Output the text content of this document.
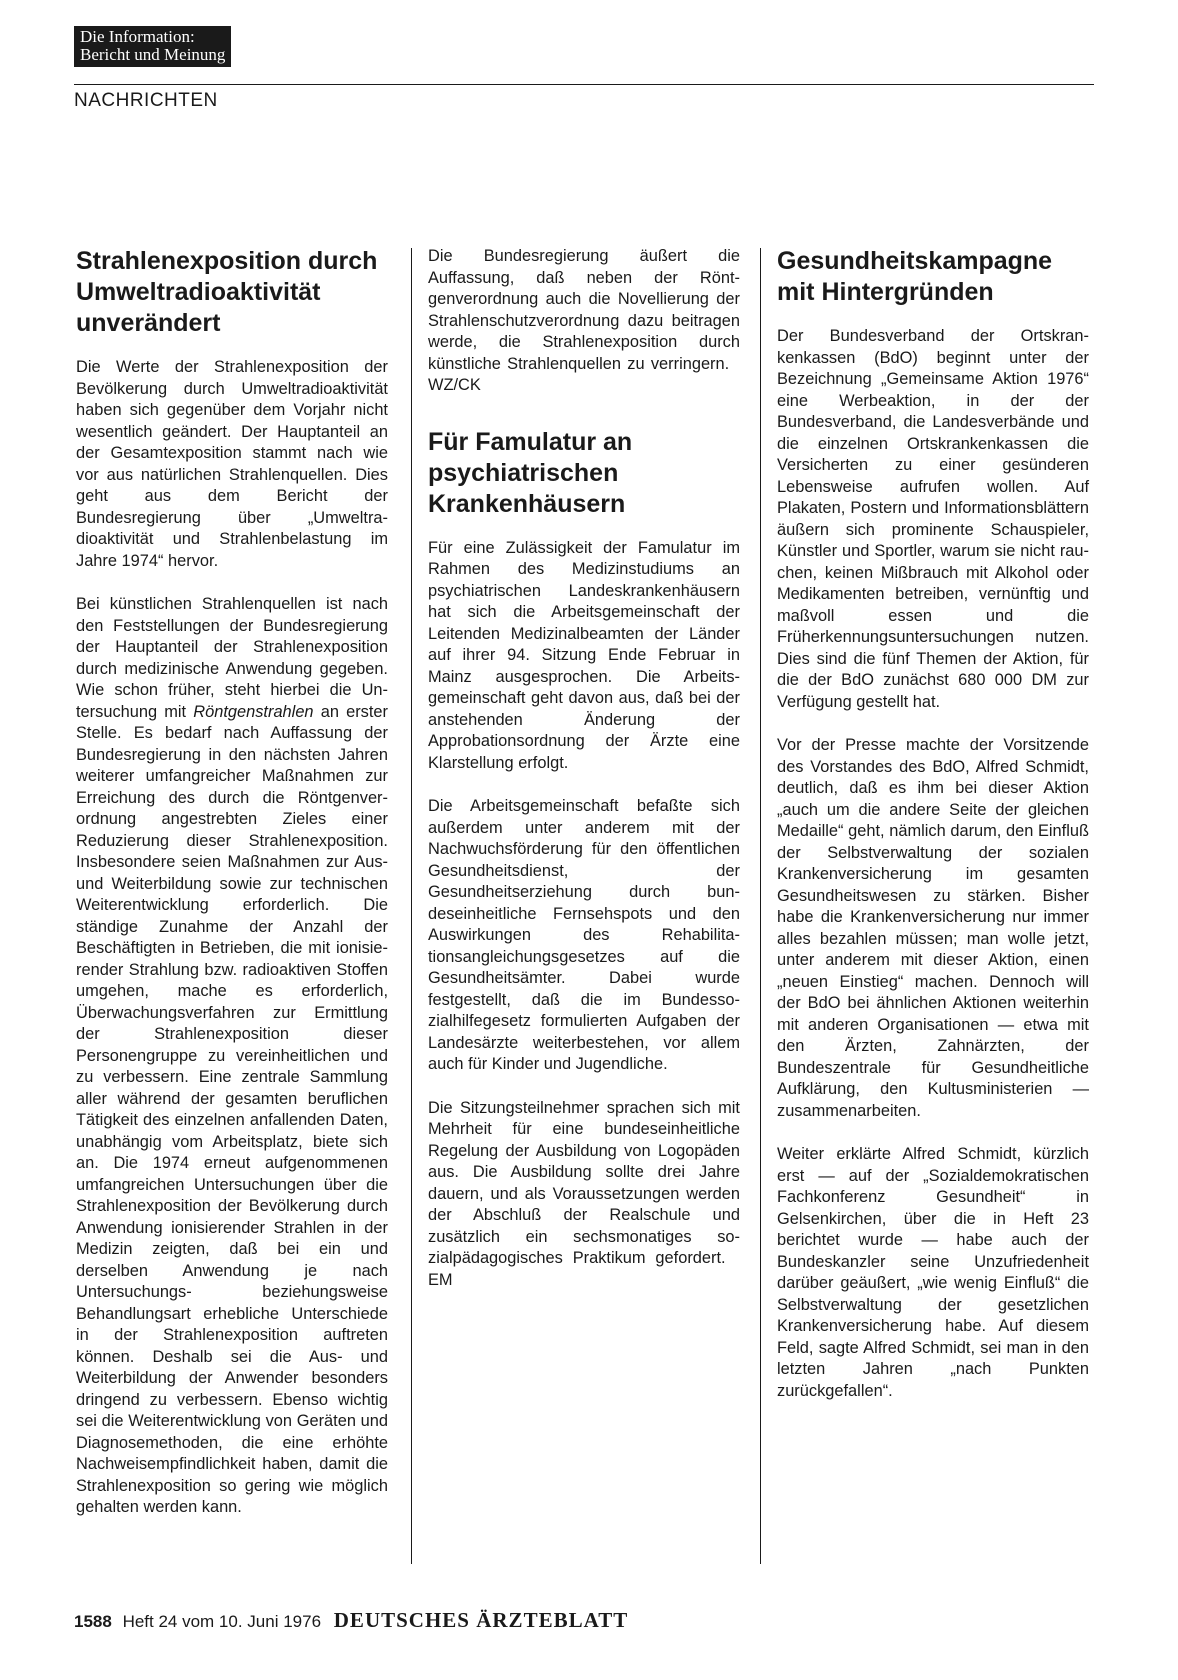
Die Information:
Bericht und Meinung
NACHRICHTEN
Strahlenexposition durch Umweltradioaktivität unverändert

Die Werte der Strahlenexposition der Bevölkerung durch Umweltradioaktivität haben sich gegenüber dem Vorjahr nicht wesentlich geändert. Der Hauptanteil an der Gesamtexposition stammt nach wie vor aus natürlichen Strahlenquellen. Dies geht aus dem Bericht der Bundesregierung über „Umweltradioaktivität und Strahlenbelastung im Jahre 1974“ hervor.

Bei künstlichen Strahlenquellen ist nach den Feststellungen der Bundesregierung der Hauptanteil der Strahlenexposition durch medizinische Anwendung gegeben. Wie schon früher, steht hierbei die Untersuchung mit Röntgenstrahlen an erster Stelle. Es bedarf nach Auffassung der Bundesregierung in den nächsten Jahren weiterer umfangreicher Maßnahmen zur Erreichung des durch die Röntgenverordnung angestrebten Zieles einer Reduzierung dieser Strahlenexposition. Insbesondere seien Maßnahmen zur Aus- und Weiterbildung sowie zur technischen Weiterentwicklung erforderlich. Die ständige Zunahme der Anzahl der Beschäftigten in Betrieben, die mit ionisierender Strahlung bzw. radioaktiven Stoffen umgehen, mache es erforderlich, Überwachungsverfahren zur Ermittlung der Strahlenexposition dieser Personengruppe zu vereinheitlichen und zu verbessern. Eine zentrale Sammlung aller während der gesamten beruflichen Tätigkeit des einzelnen anfallenden Daten, unabhängig vom Arbeitsplatz, biete sich an. Die 1974 erneut aufgenommenen umfangreichen Untersuchungen über die Strahlenexposition der Bevölkerung durch Anwendung ionisierender Strahlen in der Medizin zeigten, daß bei ein und derselben Anwendung je nach Untersuchungs- beziehungsweise Behandlungsart erhebliche Unterschiede in der Strahlenexposition auftreten können. Deshalb sei die Aus- und Weiterbildung der Anwender besonders dringend zu verbessern. Ebenso wichtig sei die Weiterentwicklung von Geräten und Diagnosemethoden, die eine erhöhte Nachweisempfindlichkeit haben, damit die Strahlenexposition so gering wie möglich gehalten werden kann.

Die Bundesregierung äußert die Auffassung, daß neben der Röntgenverordnung auch die Novellierung der Strahlenschutzverordnung dazu beitragen werde, die Strahlenexposition durch künstliche Strahlenquellen zu verringern.   WZ/CK

Für Famulatur an psychiatrischen Krankenhäusern

Für eine Zulässigkeit der Famulatur im Rahmen des Medizinstudiums an psychiatrischen Landeskrankenhäusern hat sich die Arbeitsgemeinschaft der Leitenden Medizinalbeamten der Länder auf ihrer 94. Sitzung Ende Februar in Mainz ausgesprochen. Die Arbeitsgemeinschaft geht davon aus, daß bei der anstehenden Änderung der Approbationsordnung der Ärzte eine Klarstellung erfolgt.

Die Arbeitsgemeinschaft befaßte sich außerdem unter anderem mit der Nachwuchsförderung für den öffentlichen Gesundheitsdienst, der Gesundheitserziehung durch bundeseinheitliche Fernsehspots und den Auswirkungen des Rehabilitationsangleichungsgesetzes auf die Gesundheitsämter. Dabei wurde festgestellt, daß die im Bundessozialhilfegesetz formulierten Aufgaben der Landesärzte weiterbestehen, vor allem auch für Kinder und Jugendliche.

Die Sitzungsteilnehmer sprachen sich mit Mehrheit für eine bundeseinheitliche Regelung der Ausbildung von Logopäden aus. Die Ausbildung sollte drei Jahre dauern, und als Voraussetzungen werden der Abschluß der Realschule und zusätzlich ein sechsmonatiges sozialpädagogisches Praktikum gefordert.   EM

Gesundheitskampagne mit Hintergründen

Der Bundesverband der Ortskrankenkassen (BdO) beginnt unter der Bezeichnung „Gemeinsame Aktion 1976“ eine Werbeaktion, in der der Bundesverband, die Landesverbände und die einzelnen Ortskrankenkassen die Versicherten zu einer gesünderen Lebensweise aufrufen wollen. Auf Plakaten, Postern und Informationsblättern äußern sich prominente Schauspieler, Künstler und Sportler, warum sie nicht rauchen, keinen Mißbrauch mit Alkohol oder Medikamenten betreiben, vernünftig und maßvoll essen und die Früherkennungsuntersuchungen nutzen. Dies sind die fünf Themen der Aktion, für die der BdO zunächst 680 000 DM zur Verfügung gestellt hat.

Vor der Presse machte der Vorsitzende des Vorstandes des BdO, Alfred Schmidt, deutlich, daß es ihm bei dieser Aktion „auch um die andere Seite der gleichen Medaille“ geht, nämlich darum, den Einfluß der Selbstverwaltung der sozialen Krankenversicherung im gesamten Gesundheitswesen zu stärken. Bisher habe die Krankenversicherung nur immer alles bezahlen müssen; man wolle jetzt, unter anderem mit dieser Aktion, einen „neuen Einstieg“ machen. Dennoch will der BdO bei ähnlichen Aktionen weiterhin mit anderen Organisationen — etwa mit den Ärzten, Zahnärzten, der Bundeszentrale für Gesundheitliche Aufklärung, den Kultusministerien — zusammenarbeiten.

Weiter erklärte Alfred Schmidt, kürzlich erst — auf der „Sozialdemokratischen Fachkonferenz Gesundheit“ in Gelsenkirchen, über die in Heft 23 berichtet wurde — habe auch der Bundeskanzler seine Unzufriedenheit darüber geäußert, „wie wenig Einfluß“ die Selbstverwaltung der gesetzlichen Krankenversicherung habe. Auf diesem Feld, sagte Alfred Schmidt, sei man in den letzten Jahren „nach Punkten zurückgefallen“.

1588 Heft 24 vom 10. Juni 1976 DEUTSCHES ÄRZTEBLATT
